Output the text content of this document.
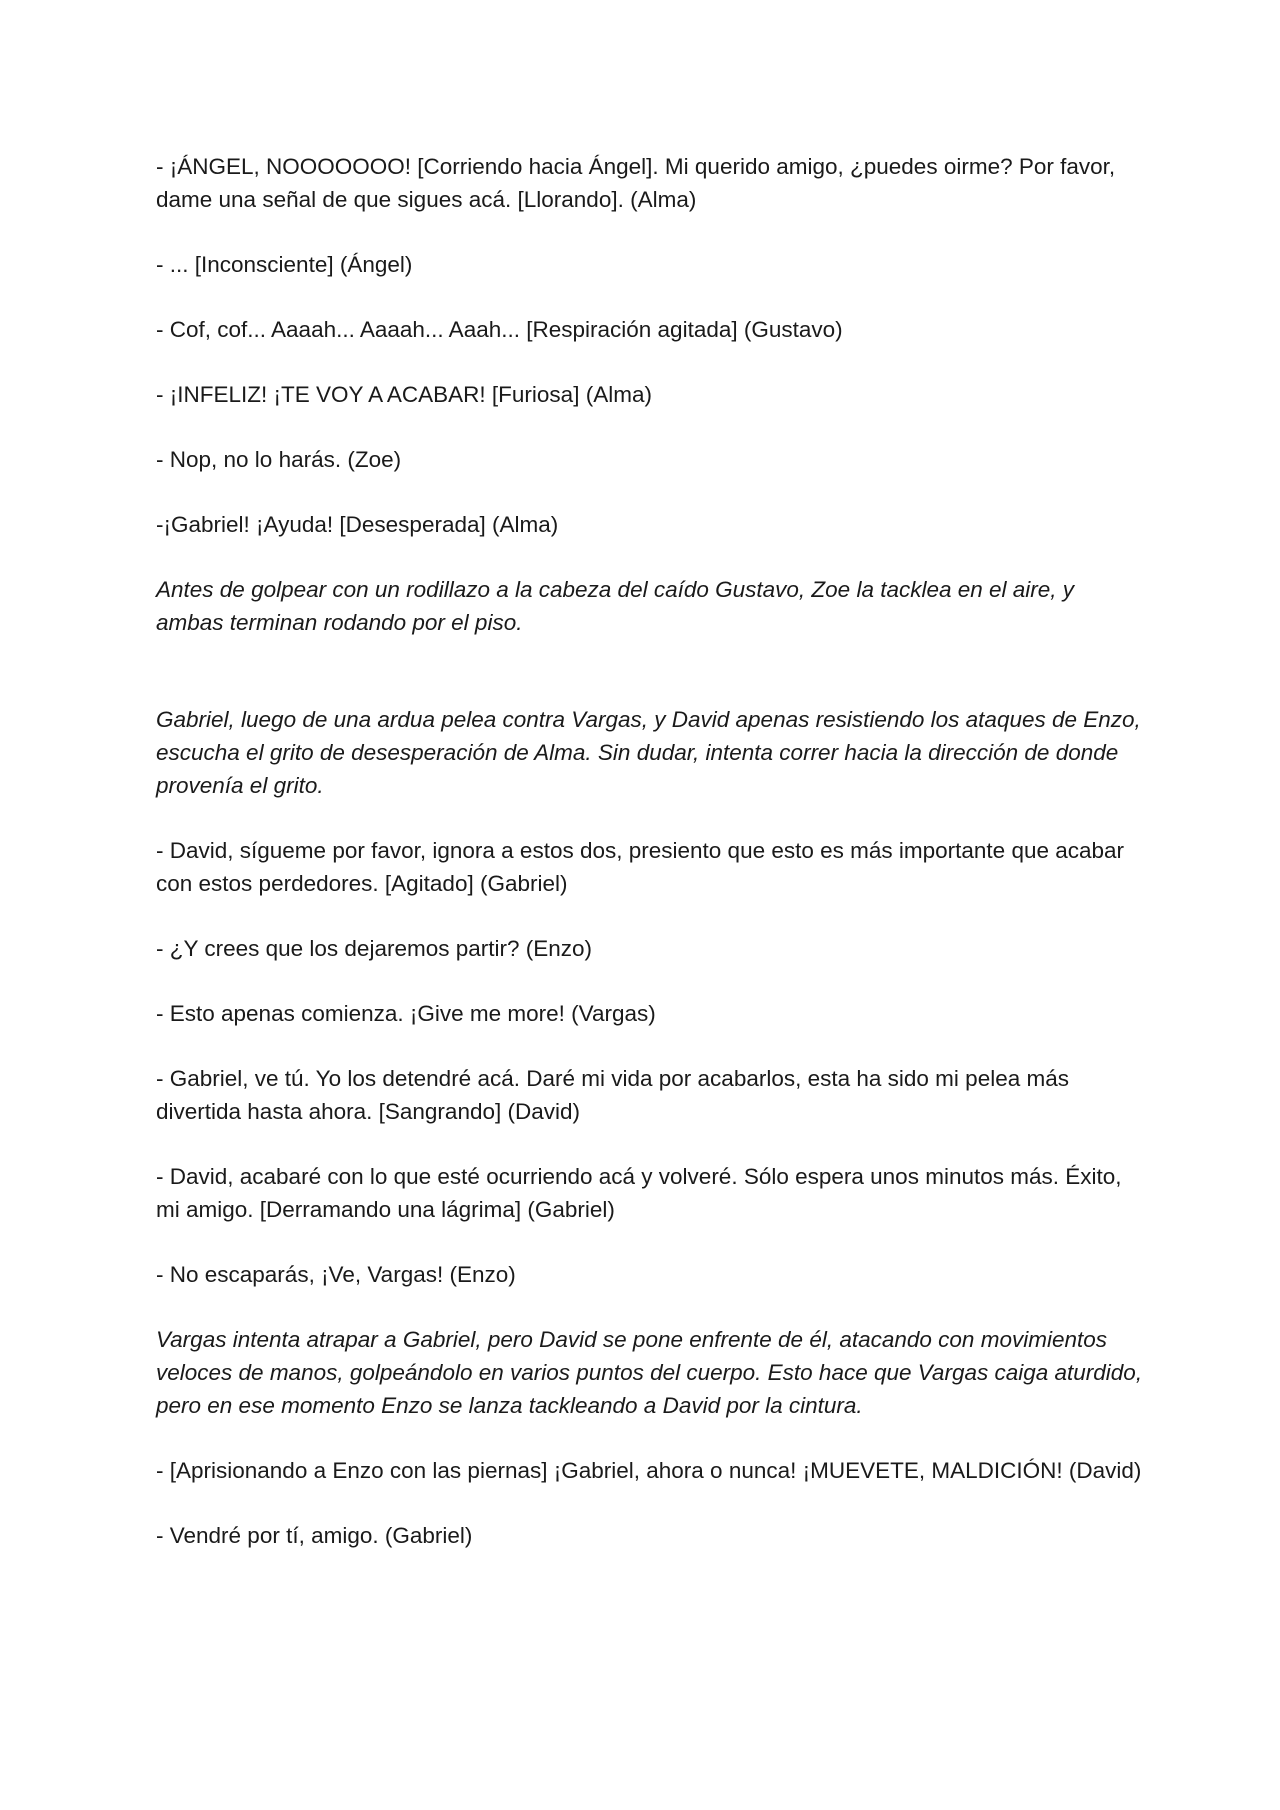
- ¡ÁNGEL, NOOOOOOO! [Corriendo hacia Ángel]. Mi querido amigo, ¿puedes oirme? Por favor, dame una señal de que sigues acá. [Llorando]. (Alma)

- ... [Inconsciente] (Ángel)

- Cof, cof... Aaaah... Aaaah... Aaah... [Respiración agitada] (Gustavo)

- ¡INFELIZ! ¡TE VOY A ACABAR! [Furiosa] (Alma)

- Nop, no lo harás. (Zoe)

-¡Gabriel! ¡Ayuda! [Desesperada] (Alma)

Antes de golpear con un rodillazo a la cabeza del caído Gustavo, Zoe la tacklea en el aire, y ambas terminan rodando por el piso.

Gabriel, luego de una ardua pelea contra Vargas, y David apenas resistiendo los ataques de Enzo, escucha el grito de desesperación de Alma. Sin dudar, intenta correr hacia la dirección de donde provenía el grito.

- David, sígueme por favor, ignora a estos dos, presiento que esto es más importante que acabar con estos perdedores. [Agitado] (Gabriel)

- ¿Y crees que los dejaremos partir? (Enzo)

- Esto apenas comienza. ¡Give me more! (Vargas)

- Gabriel, ve tú. Yo los detendré acá. Daré mi vida por acabarlos, esta ha sido mi pelea más divertida hasta ahora. [Sangrando] (David)

- David, acabaré con lo que esté ocurriendo acá y volveré. Sólo espera unos minutos más. Éxito, mi amigo. [Derramando una lágrima] (Gabriel)

- No escaparás, ¡Ve, Vargas! (Enzo)

Vargas intenta atrapar a Gabriel, pero David se pone enfrente de él, atacando con movimientos veloces de manos, golpeándolo en varios puntos del cuerpo. Esto hace que Vargas caiga aturdido, pero en ese momento Enzo se lanza tackleando a David por la cintura.

- [Aprisionando a Enzo con las piernas] ¡Gabriel, ahora o nunca! ¡MUEVETE, MALDICIÓN! (David)

- Vendré por tí, amigo. (Gabriel)
